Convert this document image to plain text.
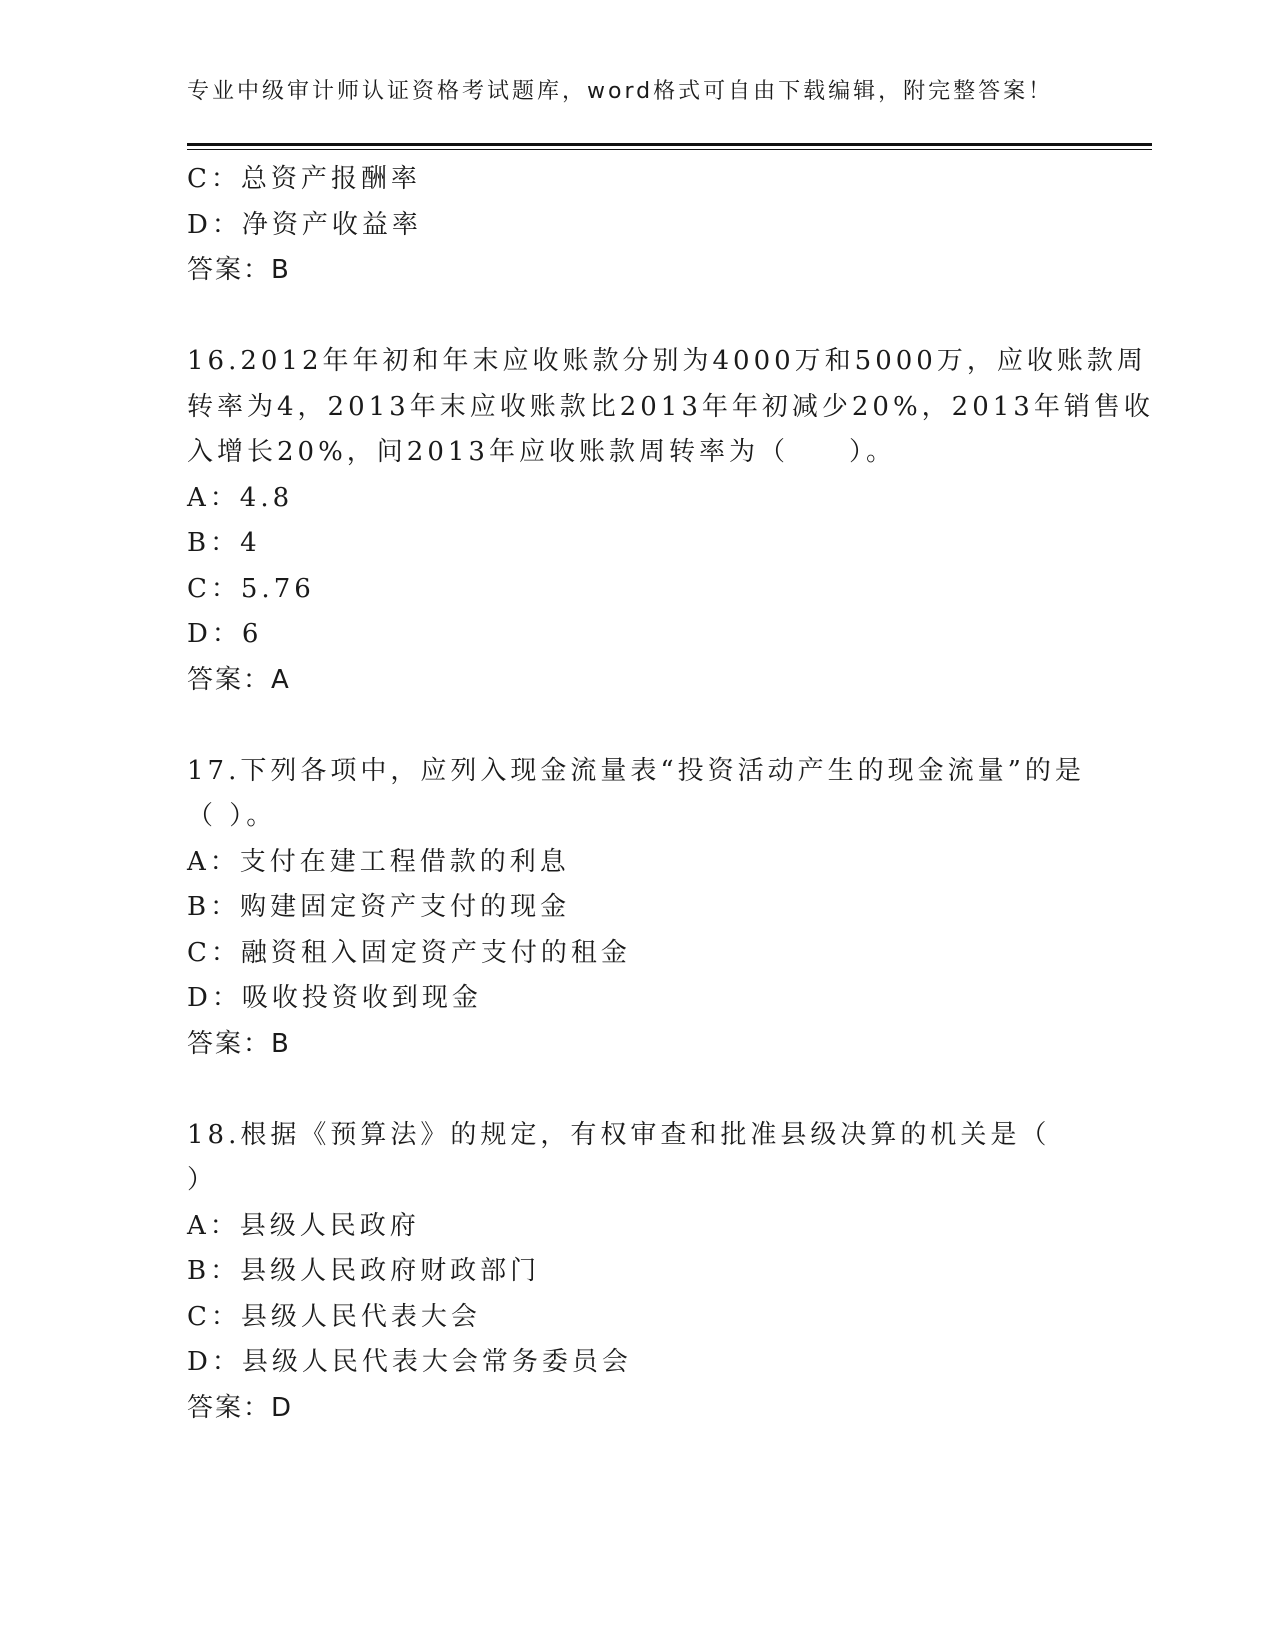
专业中级审计师认证资格考试题库，word格式可自由下载编辑，附完整答案！
C：总资产报酬率
D：净资产收益率
答案：B
16.2012年年初和年末应收账款分别为4000万和5000万，应收账款周
转率为4，2013年末应收账款比2013年年初减少20%，2013年销售收
入增长20%，问2013年应收账款周转率为（　　）。
A：4.8
B：4
C：5.76
D：6
答案：A
17.下列各项中，应列入现金流量表“投资活动产生的现金流量”的是
（ ）。
A：支付在建工程借款的利息
B：购建固定资产支付的现金
C：融资租入固定资产支付的租金
D：吸收投资收到现金
答案：B
18.根据《预算法》的规定，有权审查和批准县级决算的机关是（
）
A：县级人民政府
B：县级人民政府财政部门
C：县级人民代表大会
D：县级人民代表大会常务委员会
答案：D
